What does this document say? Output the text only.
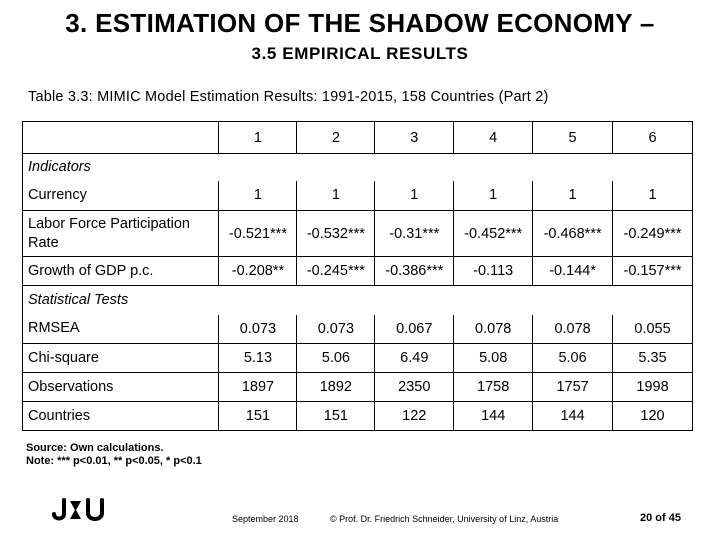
3. ESTIMATION OF THE SHADOW ECONOMY –
3.5 EMPIRICAL RESULTS
Table 3.3: MIMIC Model Estimation Results: 1991-2015, 158 Countries (Part 2)
	1	2	3	4	5	6
Indicators						
Currency	1	1	1	1	1	1
Labor Force Participation Rate	-0.521***	-0.532***	-0.31***	-0.452***	-0.468***	-0.249***
Growth of GDP p.c.	-0.208**	-0.245***	-0.386***	-0.113	-0.144*	-0.157***
Statistical Tests						
RMSEA	0.073	0.073	0.067	0.078	0.078	0.055
Chi-square	5.13	5.06	6.49	5.08	5.06	5.35
Observations	1897	1892	2350	1758	1757	1998
Countries	151	151	122	144	144	120
Source: Own calculations.
Note: *** p<0.01, ** p<0.05, * p<0.1
September 2018	© Prof. Dr. Friedrich Schneider, University of Linz, Austria	20 of 45
